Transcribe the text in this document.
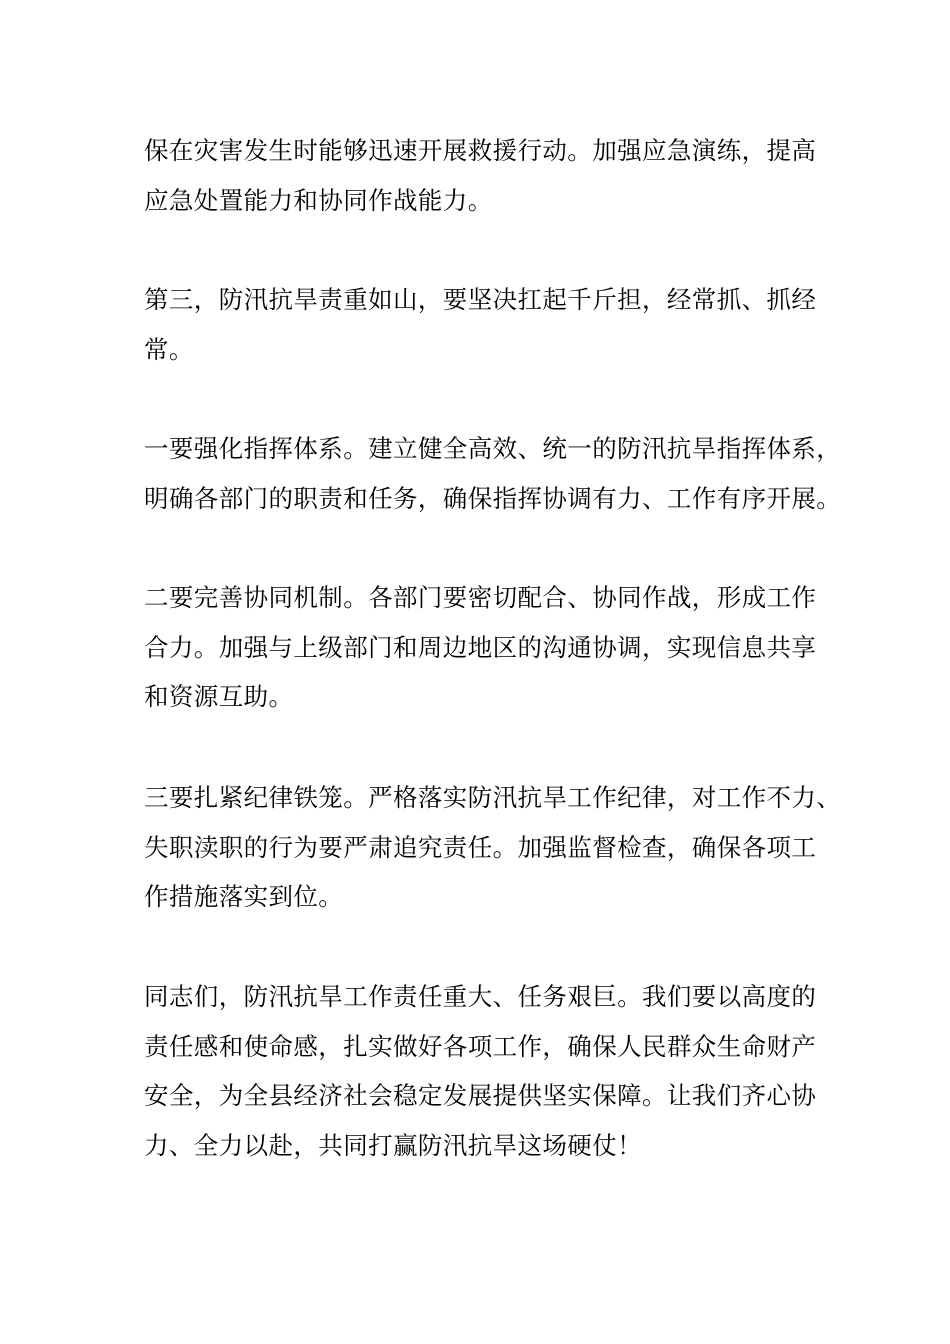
保在灾害发生时能够迅速开展救援行动。加强应急演练，提高
应急处置能力和协同作战能力。
第三，防汛抗旱责重如山，要坚决扛起千斤担，经常抓、抓经
常。
一要强化指挥体系。建立健全高效、统一的防汛抗旱指挥体系，
明确各部门的职责和任务，确保指挥协调有力、工作有序开展。
二要完善协同机制。各部门要密切配合、协同作战，形成工作
合力。加强与上级部门和周边地区的沟通协调，实现信息共享
和资源互助。
三要扎紧纪律铁笼。严格落实防汛抗旱工作纪律，对工作不力、
失职渎职的行为要严肃追究责任。加强监督检查，确保各项工
作措施落实到位。
同志们，防汛抗旱工作责任重大、任务艰巨。我们要以高度的
责任感和使命感，扎实做好各项工作，确保人民群众生命财产
安全，为全县经济社会稳定发展提供坚实保障。让我们齐心协
力、全力以赴，共同打赢防汛抗旱这场硬仗！
